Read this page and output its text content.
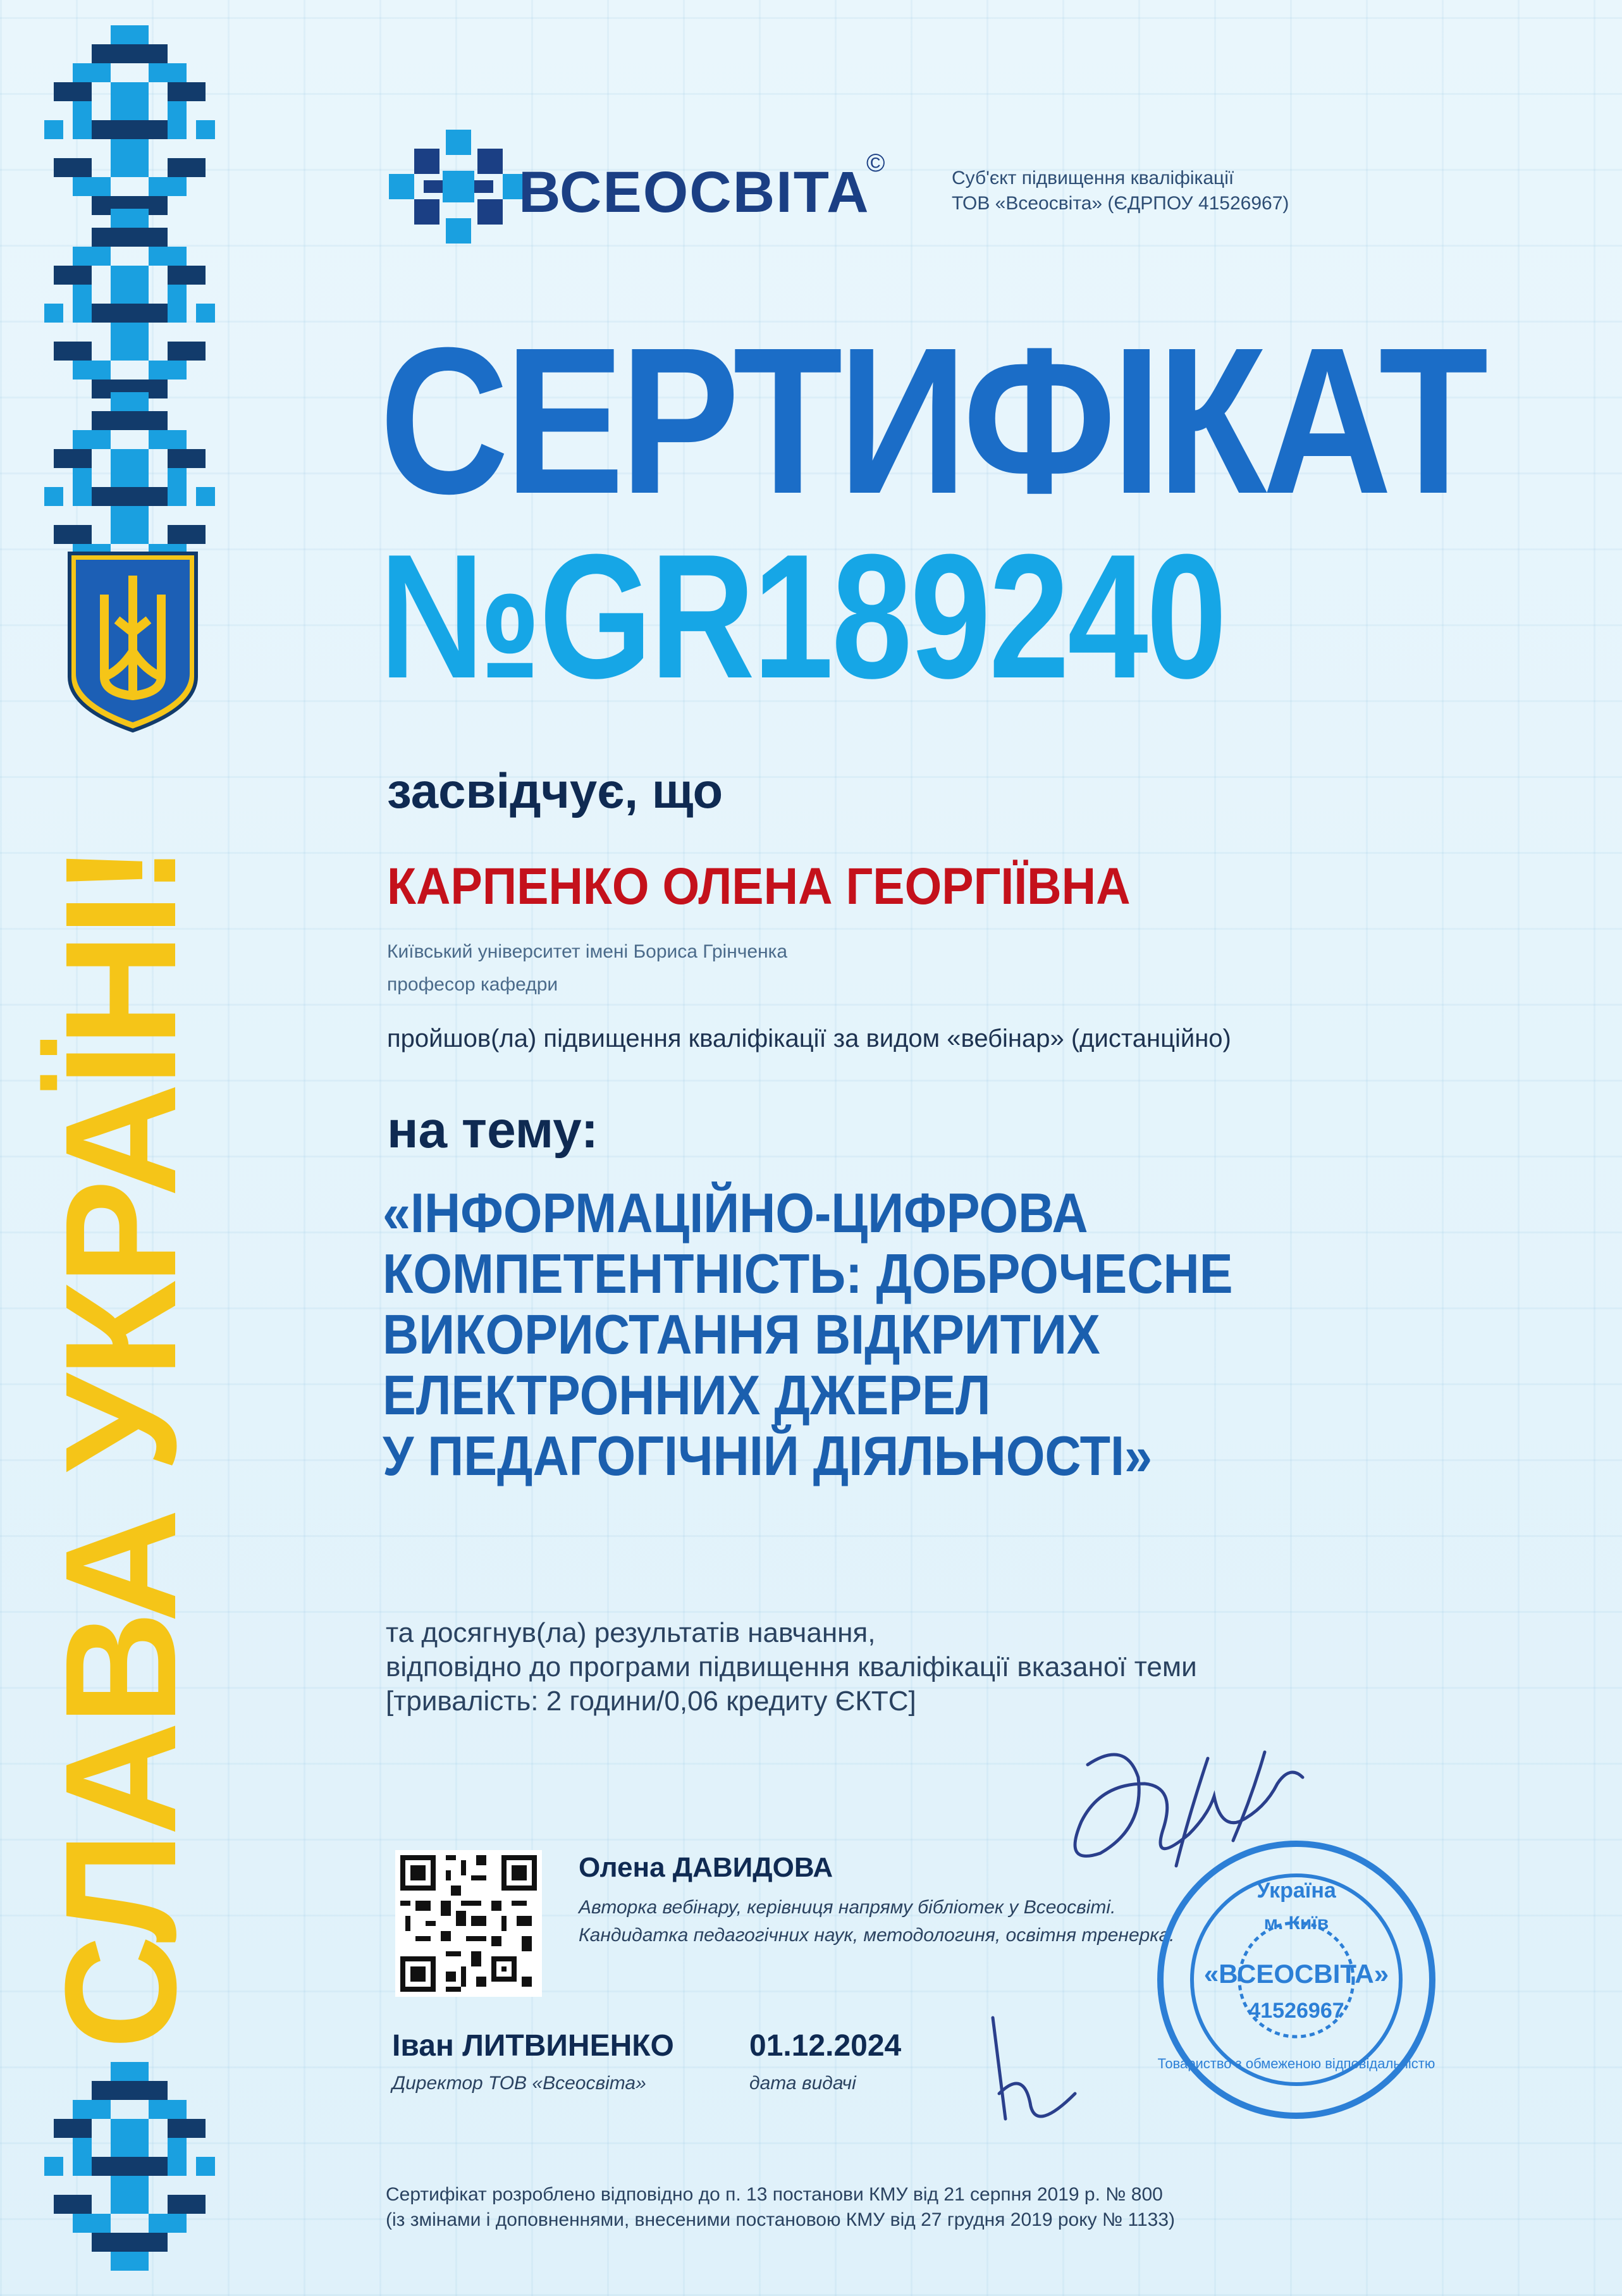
СЛАВА УКРАЇНІ!
ВСЕОСВІТА
©
Суб'єкт підвищення кваліфікації
ТОВ «Всеосвіта» (ЄДРПОУ 41526967)
СЕРТИФІКАТ
№GR189240
засвідчує, що
КАРПЕНКО ОЛЕНА ГЕОРГІЇВНА
Київський університет імені Бориса Грінченка
професор кафедри
пройшов(ла) підвищення кваліфікації за видом «вебінар» (дистанційно)
на тему:
«ІНФОРМАЦІЙНО-ЦИФРОВА
КОМПЕТЕНТНІСТЬ: ДОБРОЧЕСНЕ
ВИКОРИСТАННЯ ВІДКРИТИХ
ЕЛЕКТРОННИХ ДЖЕРЕЛ
У ПЕДАГОГІЧНІЙ ДІЯЛЬНОСТІ»
та досягнув(ла) результатів навчання,
відповідно до програми підвищення кваліфікації вказаної теми
[тривалість: 2 години/0,06 кредиту ЄКТС]
Олена ДАВИДОВА
Авторка вебінару, керівниця напряму бібліотек у Всеосвіті.
Кандидатка педагогічних наук, методологиня, освітня тренерка.
Іван ЛИТВИНЕНКО
Директор ТОВ «Всеосвіта»
01.12.2024
дата видачі
Україна
м. Київ
«ВСЕОСВІТА»
41526967
Товариство з обмеженою відповідальністю
Сертифікат розроблено відповідно до п. 13 постанови КМУ від 21 серпня 2019 р. № 800
(із змінами і доповненнями, внесеними постановою КМУ від 27 грудня 2019 року № 1133)
